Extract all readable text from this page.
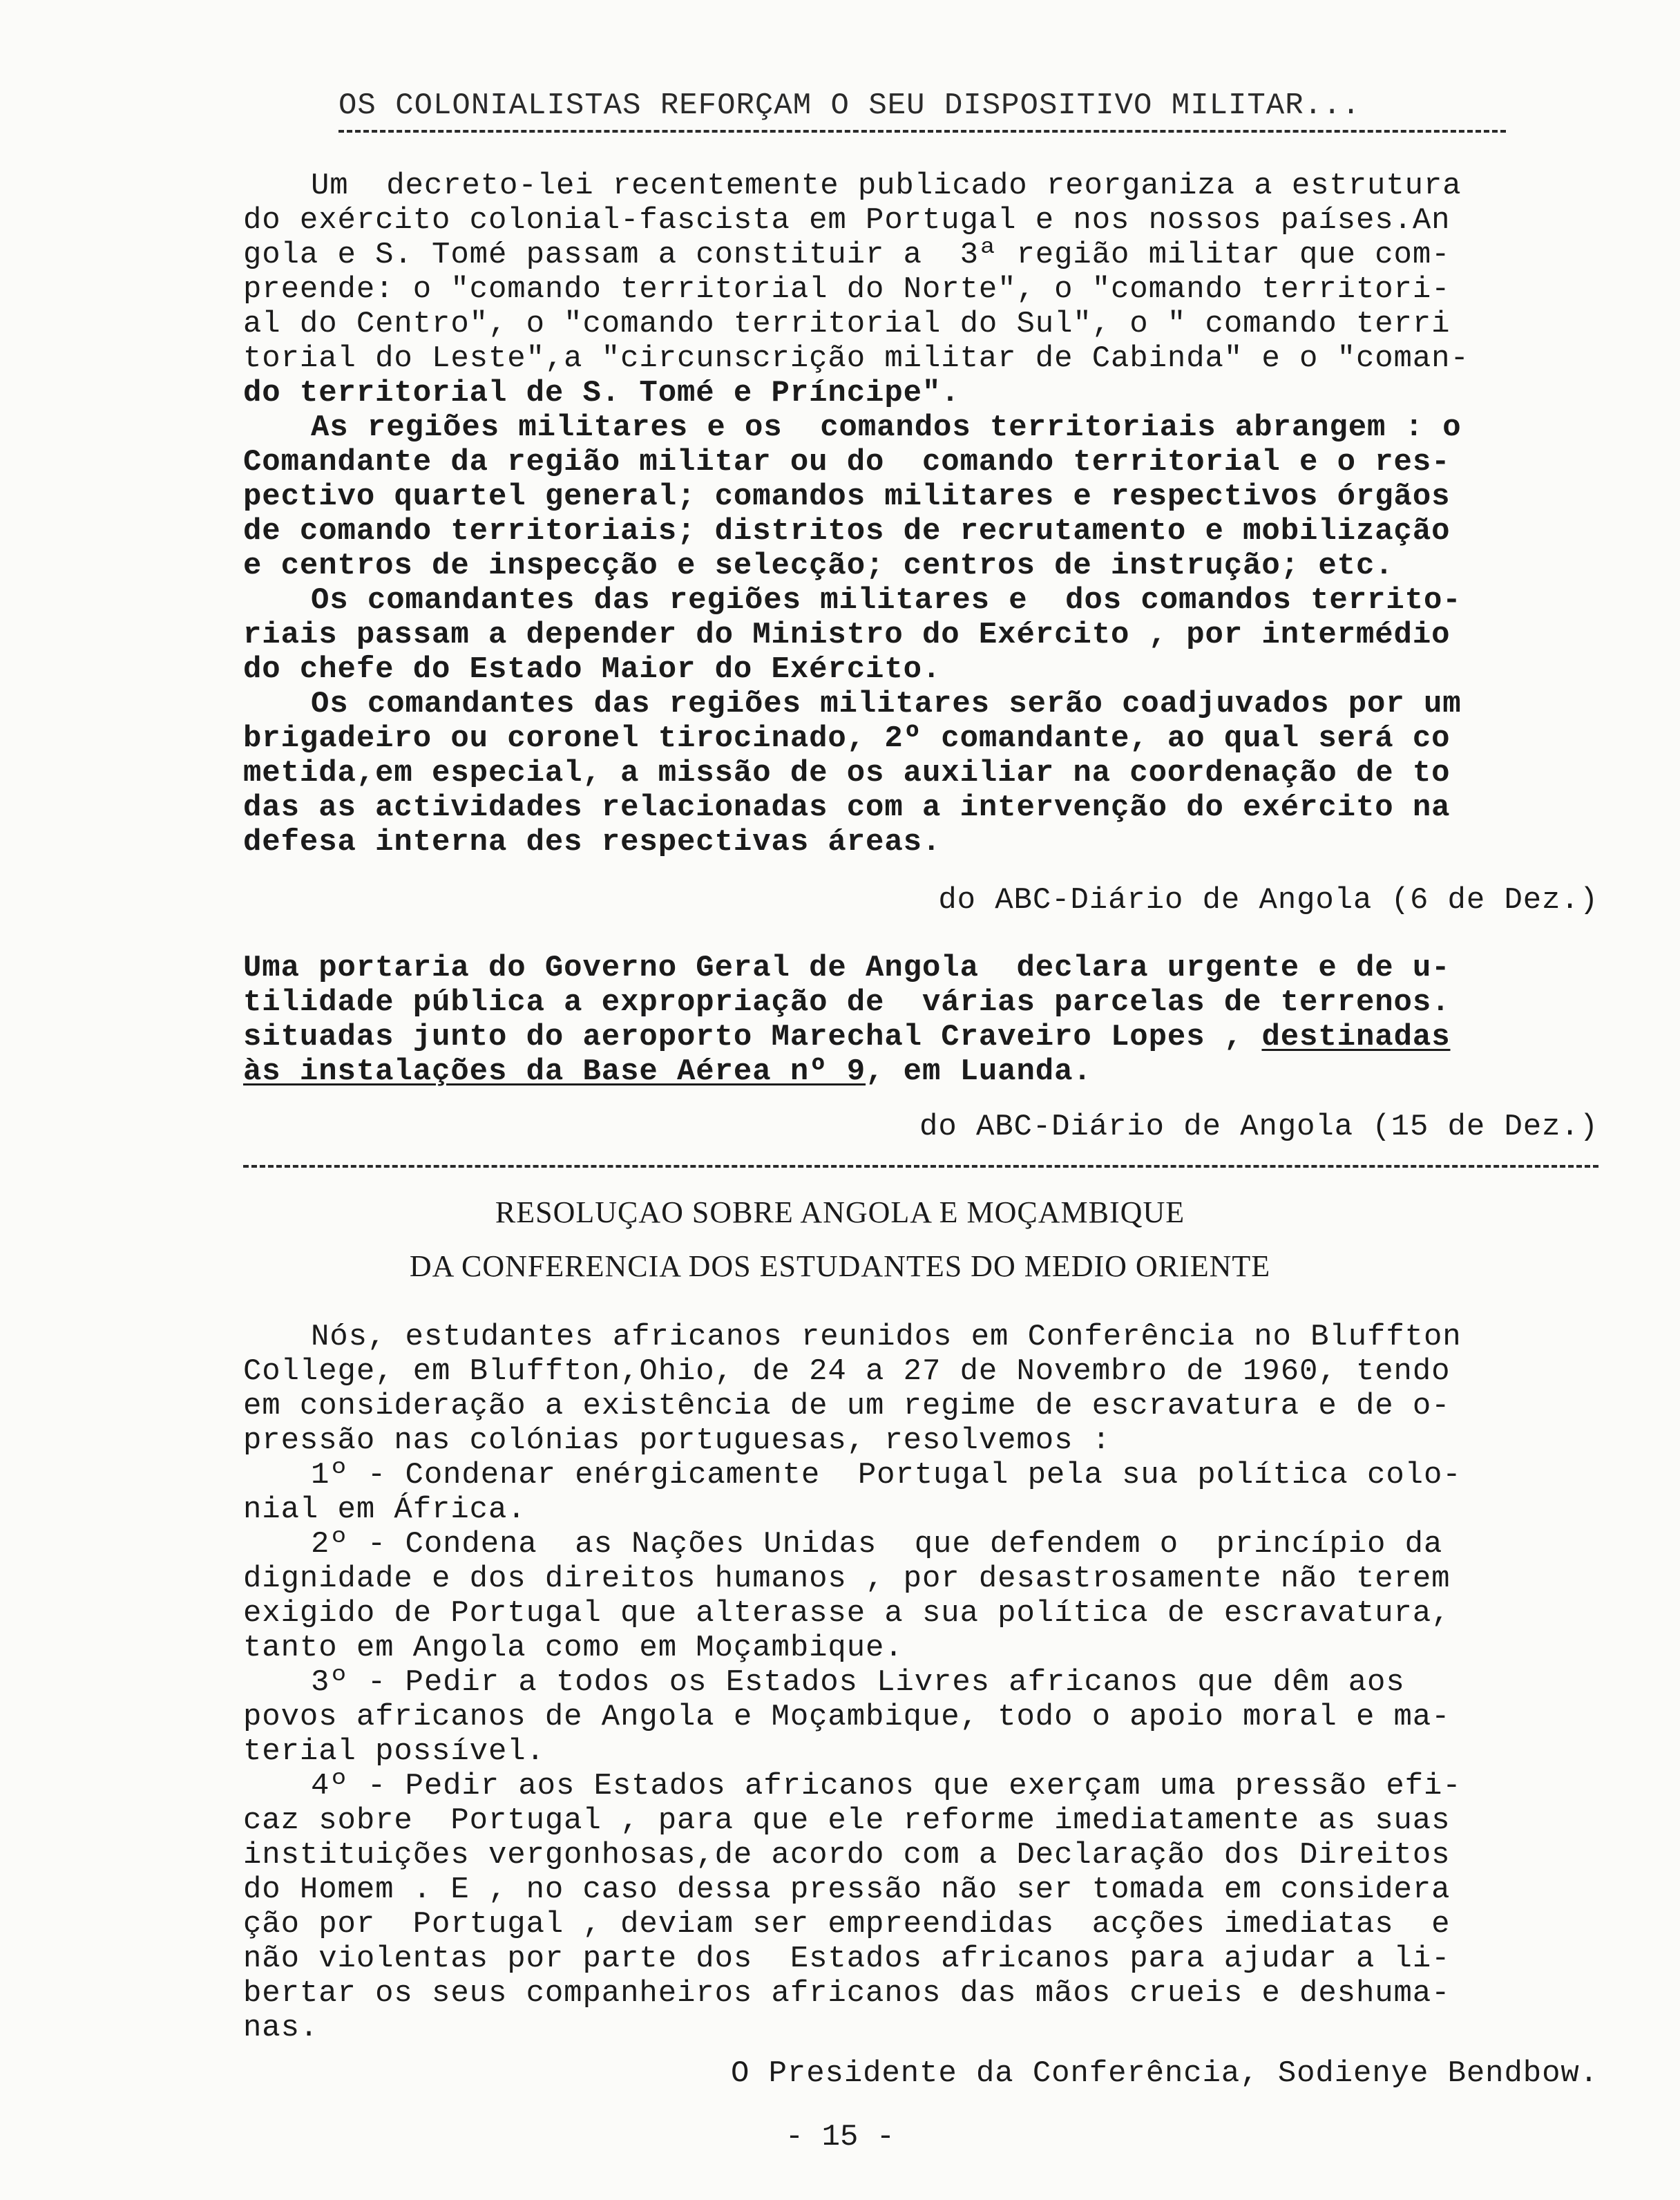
OS COLONIALISTAS REFORÇAM O SEU DISPOSITIVO MILITAR...
Um  decreto-lei recentemente publicado reorganiza a estrutura
do exército colonial-fascista em Portugal e nos nossos países.An
gola e S. Tomé passam a constituir a  3ª região militar que com-
preende: o "comando territorial do Norte", o "comando territori-
al do Centro", o "comando territorial do Sul", o " comando terri
torial do Leste",a "circunscrição militar de Cabinda" e o "coman-
do territorial de S. Tomé e Príncipe".
As regiões militares e os  comandos territoriais abrangem : o
Comandante da região militar ou do  comando territorial e o res-
pectivo quartel general; comandos militares e respectivos órgãos
de comando territoriais; distritos de recrutamento e mobilização
e centros de inspecção e selecção; centros de instrução; etc.
Os comandantes das regiões militares e  dos comandos territo-
riais passam a depender do Ministro do Exército , por intermédio
do chefe do Estado Maior do Exército.
Os comandantes das regiões militares serão coadjuvados por um
brigadeiro ou coronel tirocinado, 2º comandante, ao qual será co
metida,em especial, a missão de os auxiliar na coordenação de to
das as actividades relacionadas com a intervenção do exército na
defesa interna des respectivas áreas.
do ABC-Diário de Angola (6 de Dez.)
Uma portaria do Governo Geral de Angola  declara urgente e de u-
tilidade pública a expropriação de  várias parcelas de terrenos.
situadas junto do aeroporto Marechal Craveiro Lopes , destinadas
às instalações da Base Aérea nº 9, em Luanda.
do ABC-Diário de Angola (15 de Dez.)
RESOLUÇAO SOBRE ANGOLA E MOÇAMBIQUE
DA CONFERENCIA DOS ESTUDANTES DO MEDIO ORIENTE
Nós, estudantes africanos reunidos em Conferência no Bluffton
College, em Bluffton,Ohio, de 24 a 27 de Novembro de 1960, tendo
em consideração a existência de um regime de escravatura e de o-
pressão nas colónias portuguesas, resolvemos :
1º - Condenar enérgicamente  Portugal pela sua política colo-
nial em África.
2º - Condena  as Nações Unidas  que defendem o  princípio da
dignidade e dos direitos humanos , por desastrosamente não terem
exigido de Portugal que alterasse a sua política de escravatura,
tanto em Angola como em Moçambique.
3º - Pedir a todos os Estados Livres africanos que dêm aos
povos africanos de Angola e Moçambique, todo o apoio moral e ma-
terial possível.
4º - Pedir aos Estados africanos que exerçam uma pressão efi-
caz sobre  Portugal , para que ele reforme imediatamente as suas
instituições vergonhosas,de acordo com a Declaração dos Direitos
do Homem . E , no caso dessa pressão não ser tomada em considera
ção por  Portugal , deviam ser empreendidas  acções imediatas  e
não violentas por parte dos  Estados africanos para ajudar a li-
bertar os seus companheiros africanos das mãos crueis e deshuma-
nas.
O Presidente da Conferência, Sodienye Bendbow.
- 15 -
